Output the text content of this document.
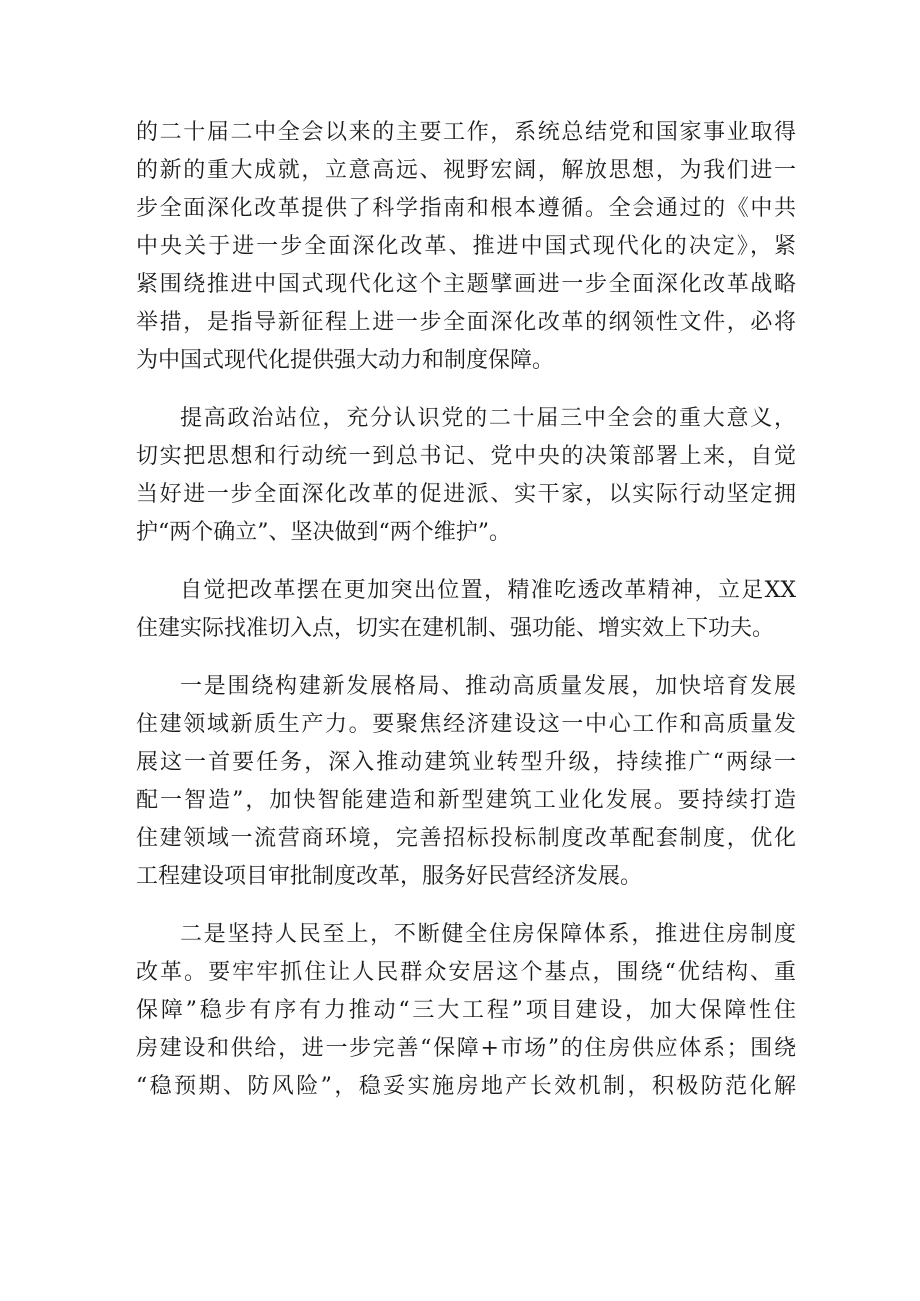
的二十届二中全会以来的主要工作，系统总结党和国家事业取得
的新的重大成就，立意高远、视野宏阔，解放思想，为我们进一
步全面深化改革提供了科学指南和根本遵循。全会通过的《中共
中央关于进一步全面深化改革、推进中国式现代化的决定》，紧
紧围绕推进中国式现代化这个主题擘画进一步全面深化改革战略
举措，是指导新征程上进一步全面深化改革的纲领性文件，必将
为中国式现代化提供强大动力和制度保障。
提高政治站位，充分认识党的二十届三中全会的重大意义，
切实把思想和行动统一到总书记、党中央的决策部署上来，自觉
当好进一步全面深化改革的促进派、实干家，以实际行动坚定拥
护“两个确立”、坚决做到“两个维护”。
自觉把改革摆在更加突出位置，精准吃透改革精神，立足XX
住建实际找准切入点，切实在建机制、强功能、增实效上下功夫。
一是围绕构建新发展格局、推动高质量发展，加快培育发展
住建领域新质生产力。要聚焦经济建设这一中心工作和高质量发
展这一首要任务，深入推动建筑业转型升级，持续推广“两绿一
配一智造”，加快智能建造和新型建筑工业化发展。要持续打造
住建领域一流营商环境，完善招标投标制度改革配套制度，优化
工程建设项目审批制度改革，服务好民营经济发展。
二是坚持人民至上，不断健全住房保障体系，推进住房制度
改革。要牢牢抓住让人民群众安居这个基点，围绕“优结构、重
保障”稳步有序有力推动“三大工程”项目建设，加大保障性住
房建设和供给，进一步完善“保障+市场”的住房供应体系；围绕
“稳预期、防风险”，稳妥实施房地产长效机制，积极防范化解
